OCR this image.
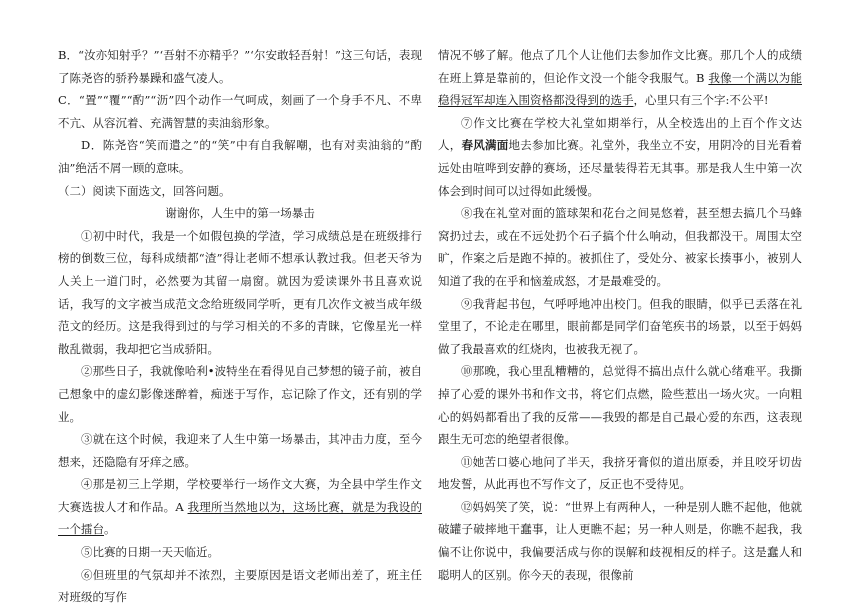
B．“汝亦知射乎？”‘吾射不亦精乎？”‘尔安敢轻吾射！”这三句话，表现了陈尧咨的骄矜暴躁和盛气凌人。

C．“置”“覆”“酌”“沥”四个动作一气呵成，刻画了一个身手不凡、不卑不亢、从容沉着、充满智慧的卖油翁形象。

D．陈尧咨“笑而遣之”的“笑”中有自我解嘲，也有对卖油翁的“酌油”绝活不屑一顾的意味。

（二）阅读下面选文，回答问题。

谢谢你，人生中的第一场暴击

①初中时代，我是一个如假包换的学渣，学习成绩总是在班级排行榜的倒数三位，每科成绩都“渣”得让老师不想承认教过我。但老天爷为人关上一道门时，必然要为其留一扇窗。就因为爱读课外书且喜欢说话，我写的文字被当成范文念给班级同学听，更有几次作文被当成年级范文的经历。这是我得到过的与学习相关的不多的青睐，它像星光一样散乱微弱，我却把它当成骄阳。

②那些日子，我就像哈利•波特坐在看得见自己梦想的镜子前，被自己想象中的虚幻影像迷醉着，痴迷于写作，忘记除了作文，还有别的学业。

③就在这个时候，我迎来了人生中第一场暴击，其冲击力度，至今想来，还隐隐有牙痒之感。

④那是初三上学期，学校要举行一场作文大赛，为全县中学生作文大赛选拔人才和作品。A 我理所当然地以为，这场比赛，就是为我设的一个擂台。

⑤比赛的日期一天天临近。

⑥但班里的气氛却并不浓烈，主要原因是语文老师出差了，班主任对班级的写作

情况不够了解。他点了几个人让他们去参加作文比赛。那几个人的成绩在班上算是靠前的，但论作文没一个能令我服气。B 我像一个满以为能稳得冠军却连入围资格都没得到的选手，心里只有三个字:不公平!

⑦作文比赛在学校大礼堂如期举行，从全校选出的上百个作文达人，春风满面地去参加比赛。礼堂外，我坐立不安，用阴冷的目光看着远处由喧哗到安静的赛场，还尽量装得若无其事。那是我人生中第一次体会到时间可以过得如此缓慢。

⑧我在礼堂对面的篮球架和花台之间晃悠着，甚至想去搞几个马蜂窝扔过去，或在不远处扔个石子搞个什么响动，但我都没干。周围太空旷，作案之后是跑不掉的。被抓住了，受处分、被家长揍事小，被别人知道了我的在乎和恼羞成怒，才是最难受的。

⑨我背起书包，气呼呼地冲出校门。但我的眼睛，似乎已丢落在礼堂里了，不论走在哪里，眼前都是同学们奋笔疾书的场景，以至于妈妈做了我最喜欢的红烧肉，也被我无视了。

⑩那晚，我心里乱糟糟的，总觉得不搞出点什么就心绪难平。我撕掉了心爱的课外书和作文书，将它们点燃，险些惹出一场火灾。一向粗心的妈妈都看出了我的反常——我毁的都是自己最心爱的东西，这表现跟生无可恋的绝望者很像。

⑪她苦口婆心地问了半天，我挤牙膏似的道出原委，并且咬牙切齿地发誓，从此再也不写作文了，反正也不受待见。

⑫妈妈笑了笑，说：“世界上有两种人，一种是别人瞧不起他，他就破罐子破摔地干蠢事，让人更瞧不起；另一种人则是，你瞧不起我，我偏不让你说中，我偏要活成与你的误解和歧视相反的样子。这是蠢人和聪明人的区别。你今天的表现，很像前
